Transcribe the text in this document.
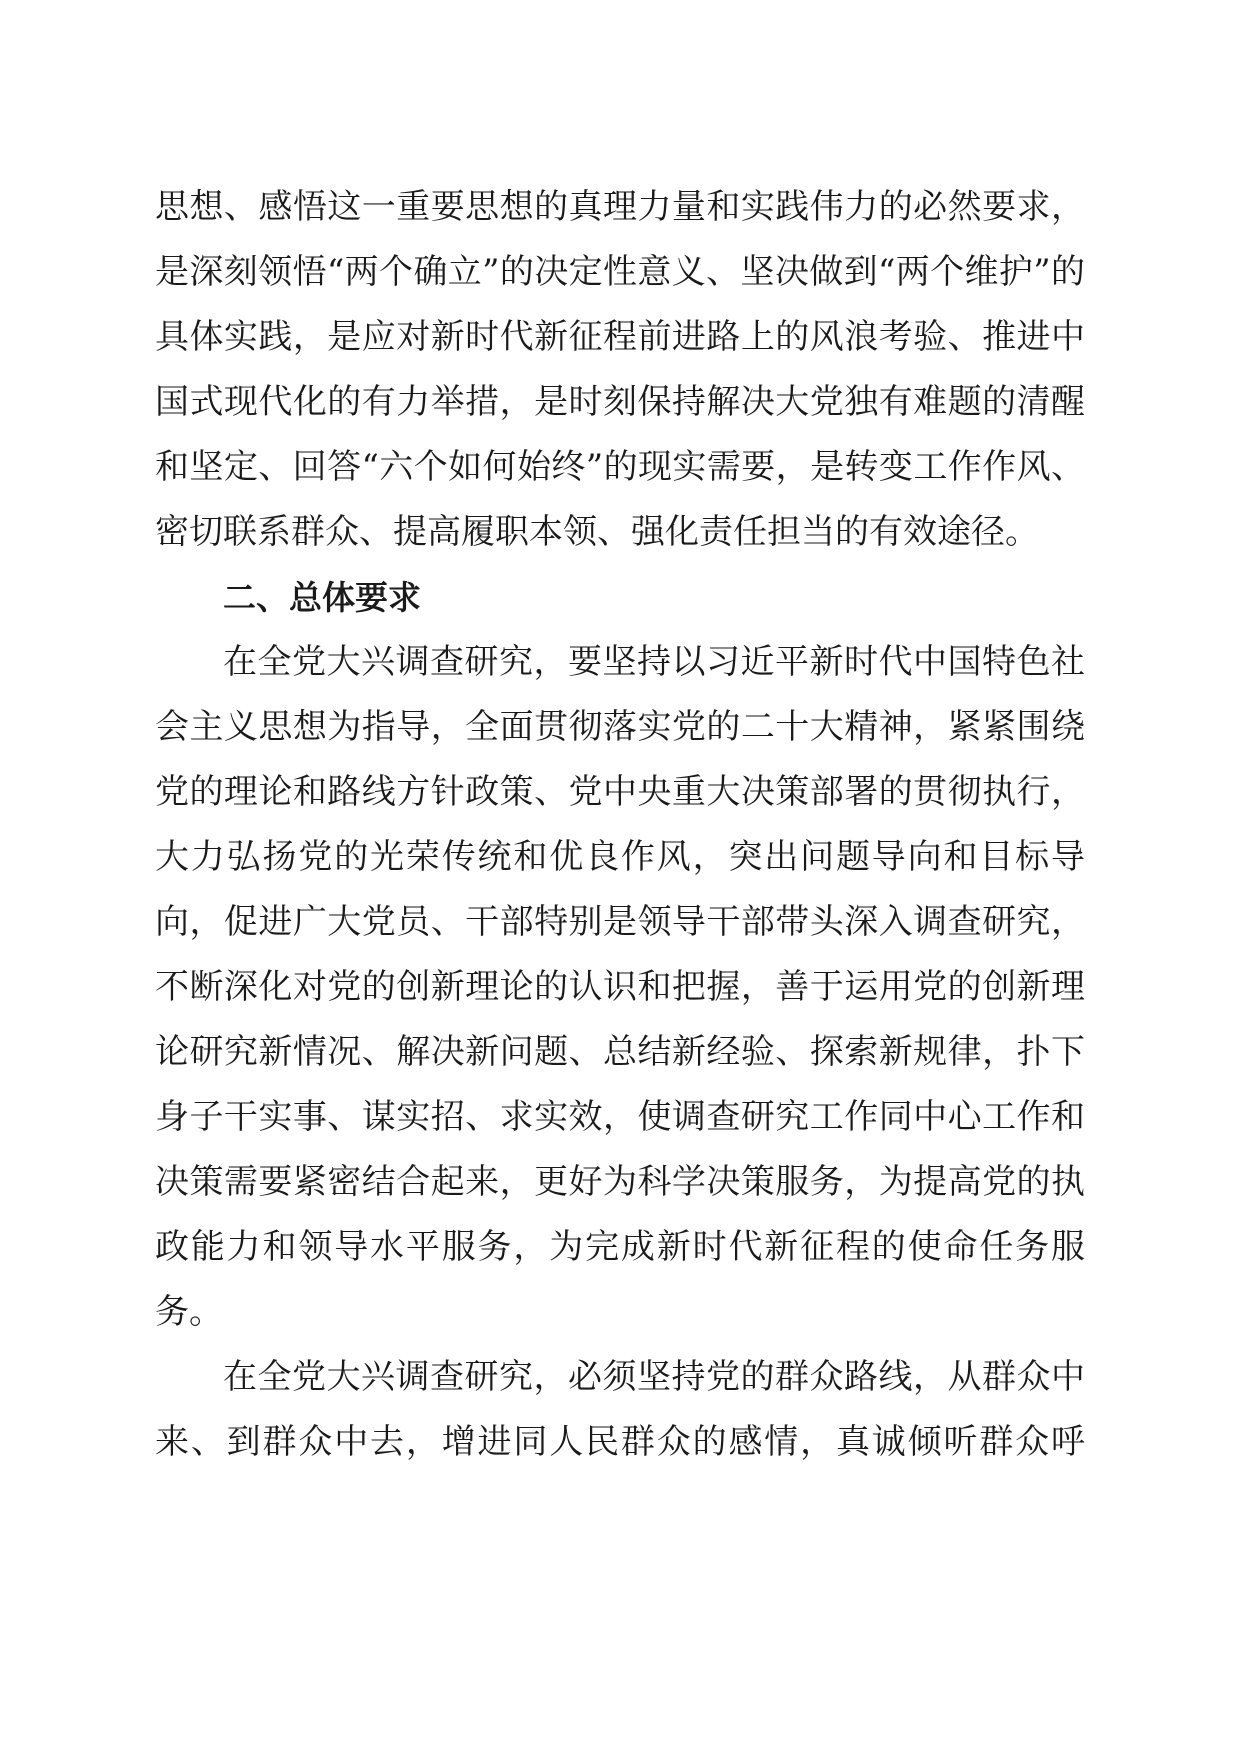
思想、感悟这一重要思想的真理力量和实践伟力的必然要求，是深刻领悟“两个确立”的决定性意义、坚决做到“两个维护”的具体实践，是应对新时代新征程前进路上的风浪考验、推进中国式现代化的有力举措，是时刻保持解决大党独有难题的清醒和坚定、回答“六个如何始终”的现实需要，是转变工作作风、密切联系群众、提高履职本领、强化责任担当的有效途径。

二、总体要求

在全党大兴调查研究，要坚持以习近平新时代中国特色社会主义思想为指导，全面贯彻落实党的二十大精神，紧紧围绕党的理论和路线方针政策、党中央重大决策部署的贯彻执行，大力弘扬党的光荣传统和优良作风，突出问题导向和目标导向，促进广大党员、干部特别是领导干部带头深入调查研究，不断深化对党的创新理论的认识和把握，善于运用党的创新理论研究新情况、解决新问题、总结新经验、探索新规律，扑下身子干实事、谋实招、求实效，使调查研究工作同中心工作和决策需要紧密结合起来，更好为科学决策服务，为提高党的执政能力和领导水平服务，为完成新时代新征程的使命任务服务。

在全党大兴调查研究，必须坚持党的群众路线，从群众中来、到群众中去，增进同人民群众的感情，真诚倾听群众呼
